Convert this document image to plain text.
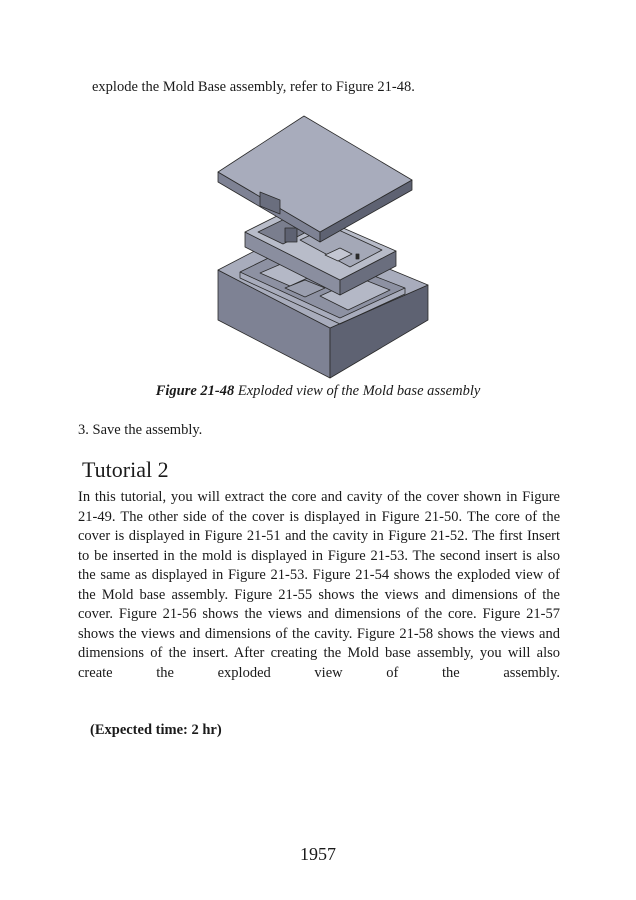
explode the Mold Base assembly, refer to Figure 21-48.

Figure 21-48 Exploded view of the Mold base assembly

3. Save the assembly.

Tutorial 2

In this tutorial, you will extract the core and cavity of the cover shown in Figure 21-49. The other side of the cover is displayed in Figure 21-50. The core of the cover is displayed in Figure 21-51 and the cavity in Figure 21-52. The first Insert to be inserted in the mold is displayed in Figure 21-53. The second insert is also the same as displayed in Figure 21-53. Figure 21-54 shows the exploded view of the Mold base assembly. Figure 21-55 shows the views and dimensions of the cover. Figure 21-56 shows the views and dimensions of the core. Figure 21-57 shows the views and dimensions of the cavity. Figure 21-58 shows the views and dimensions of the insert. After creating the Mold base assembly, you will also create the exploded view of the assembly.

(Expected time: 2 hr)

1957
